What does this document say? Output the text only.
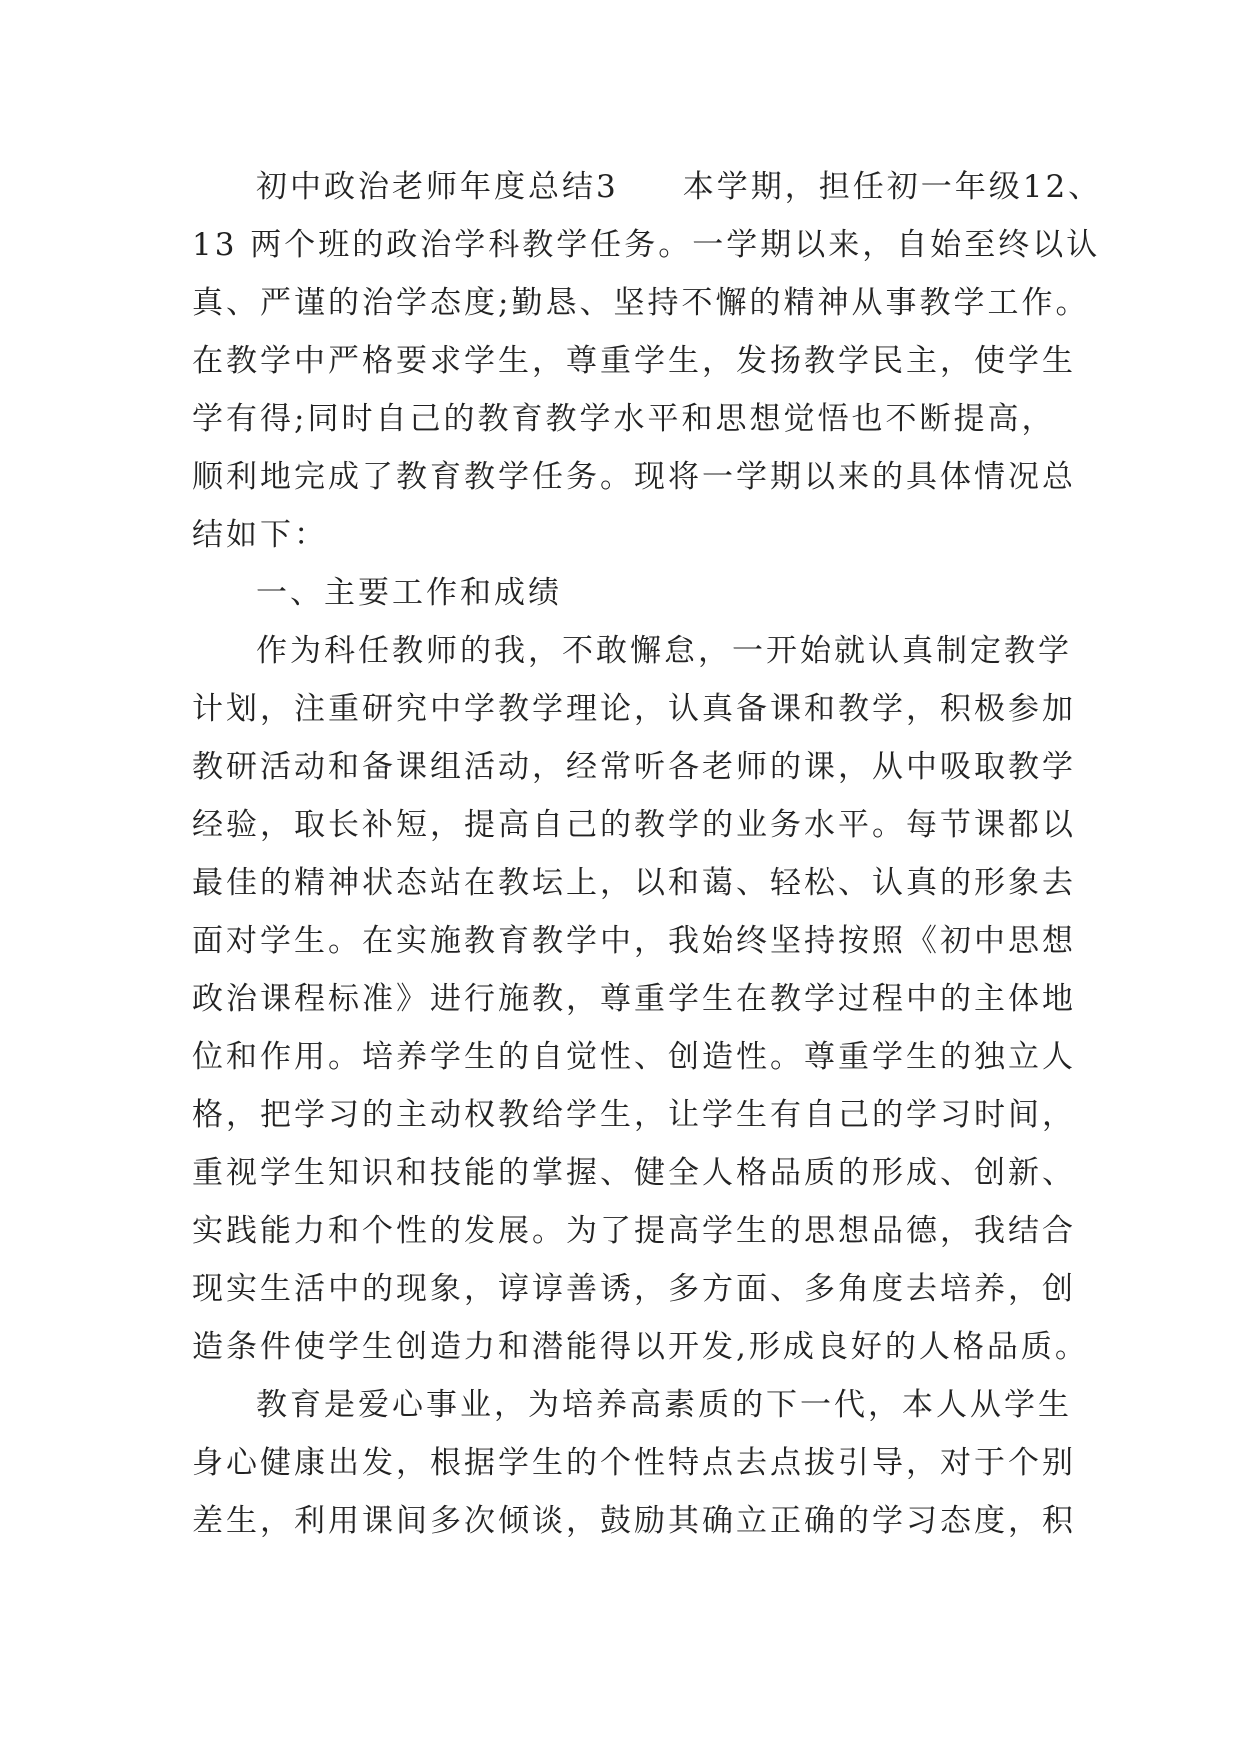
初中政治老师年度总结3 本学期，担任初一年级12、
13 两个班的政治学科教学任务。一学期以来，自始至终以认
真、严谨的治学态度;勤恳、坚持不懈的精神从事教学工作。
在教学中严格要求学生，尊重学生，发扬教学民主，使学生
学有得;同时自己的教育教学水平和思想觉悟也不断提高，
顺利地完成了教育教学任务。现将一学期以来的具体情况总
结如下：
一、主要工作和成绩
作为科任教师的我，不敢懈怠，一开始就认真制定教学
计划，注重研究中学教学理论，认真备课和教学，积极参加
教研活动和备课组活动，经常听各老师的课，从中吸取教学
经验，取长补短，提高自己的教学的业务水平。每节课都以
最佳的精神状态站在教坛上，以和蔼、轻松、认真的形象去
面对学生。在实施教育教学中，我始终坚持按照《初中思想
政治课程标准》进行施教，尊重学生在教学过程中的主体地
位和作用。培养学生的自觉性、创造性。尊重学生的独立人
格，把学习的主动权教给学生，让学生有自己的学习时间，
重视学生知识和技能的掌握、健全人格品质的形成、创新、
实践能力和个性的发展。为了提高学生的思想品德，我结合
现实生活中的现象，谆谆善诱，多方面、多角度去培养，创
造条件使学生创造力和潜能得以开发,形成良好的人格品质。
教育是爱心事业，为培养高素质的下一代，本人从学生
身心健康出发，根据学生的个性特点去点拔引导，对于个别
差生，利用课间多次倾谈，鼓励其确立正确的学习态度，积
